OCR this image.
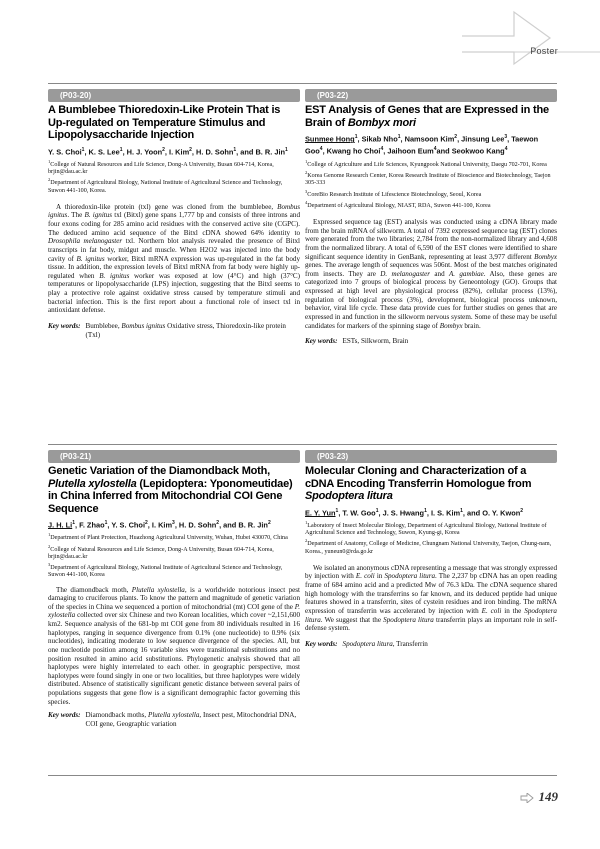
Poster
(P03-20)
A Bumblebee Thioredoxin-Like Protein That is Up-regulated on Temperature Stimulus and Lipopolysaccharide Injection
Y. S. Choi$^1$, K. S. Lee$^1$, H. J. Yoon$^2$, I. Kim$^2$, H. D. Sohn$^1$, and B. R. Jin$^1$

$^1$College of Natural Resources and Life Science, Dong-A University, Busan 604-714, Korea, brjin@dau.ac.kr

$^2$Department of Agricultural Biology, National Institute of Agricultural Science and Technology, Suwon 441-100, Korea.

A thioredoxin-like protein (txl) gene was cloned from the bumblebee, Bombus ignitus. The B. ignitus txl (Bitxl) gene spans 1,777 bp and consists of three introns and four exons coding for 285 amino acid residues with the conserved active site (CGPC). The deduced amino acid sequence of the Bitxl cDNA showed 64% identity to Drosophila melanogaster txl. Northern blot analysis revealed the presence of Bitxl transcripts in fat body, midgut and muscle. When H2O2 was injected into the body cavity of B. ignitus worker, Bitxl mRNA expression was up-regulated in the fat body tissue. In addition, the expression levels of Bitxl mRNA from fat body were highly up-regulated when B. ignitus worker was exposed at low (4°C) and high (37°C) temperatures or lipopolysaccharide (LPS) injection, suggesting that the Bitxl seems to play a protective role against oxidative stress caused by temperature stimuli and bacterial infection. This is the first report about a functional role of insect txl in antioxidant defense.

Key words: Bumblebee, Bombus ignitus Oxidative stress, Thioredoxin-like protein (Txl)
(P03-21)
Genetic Variation of the Diamondback Moth, Plutella xylostella (Lepidoptera: Yponomeutidae) in China Inferred from Mitochondrial COI Gene Sequence
J. H. Li$^1$, F. Zhao$^1$, Y. S. Choi$^2$, I. Kim$^3$, H. D. Sohn$^2$, and B. R. Jin$^2$

$^1$Department of Plant Protection, Huazhong Agricultural University, Wuhan, Hubei 430070, China

$^2$College of Natural Resources and Life Science, Dong-A University, Busan 604-714, Korea, brjin@dau.ac.kr

$^3$Department of Agricultural Biology, National Institute of Agricultural Science and Technology, Suwon 441-100, Korea

The diamondback moth, Plutella xylostella, is a worldwide notorious insect pest damaging to cruciferous plants. To know the pattern and magnitude of genetic variation of the species in China we sequenced a portion of mitochondrial (mt) COI gene of the P. xylostella collected over six Chinese and two Korean localities, which cover ~2,151,600 km2. Sequence analysis of the 681-bp mt COI gene from 80 individuals resulted in 16 haplotypes, ranging in sequence divergence from 0.1% (one nucleotide) to 0.9% (six nucleotides), indicating moderate to low sequence divergence of the species. All, but one nucleotide position among 16 variable sites were transitional substitutions and no position resulted in amino acid substitutions. Phylogenetic analysis showed that all haplotypes were highly interrelated to each other. in geographic perspective, most haplotypes were found singly in one or two localities, but three haplotypes were widely distributed. Absence of statistically significant genetic distance between several pairs of populations suggests that gene flow is a significant demographic factor governing this species.

Key words: Diamondback moths, Plutella xylostella, Insect pest, Mitochondrial DNA, COI gene, Geographic variation
(P03-22)
EST Analysis of Genes that are Expressed in the Brain of Bombyx mori
Sunmee Hong$^1$, Sikab Nho$^1$, Namsoon Kim$^2$, Jinsung Lee$^3$, Taewon Goo$^4$, Kwang ho Choi$^4$, Jaihoon Eum$^4$and Seokwoo Kang$^4$

$^1$College of Agriculture and Life Sciences, Kyungpook National University, Daegu 702-701, Korea

$^2$Korea Genome Research Center, Korea Research Institute of Bioscience and Biotechnology, Taejon 305-333

$^3$CoreBio Research Institute of Lifescience Biotechnology, Seoul, Korea

$^4$Department of Agricultural Biology, NIAST, RDA, Suwon 441-100, Korea

Expressed sequence tag (EST) analysis was conducted using a cDNA library made from the brain mRNA of silkworm. A total of 7392 expressed sequence tag (EST) clones were generated from the two libraries; 2,784 from the non-normalized library and 4,608 from the normalized library. A total of 6,590 of the EST clones were identified to share significant sequence identity in GenBank, representing at least 3,977 different Bombyx genes. The average length of sequences was 506nt. Most of the best matches originated from insects. They are D. melanogaster and A. gambiae. Also, these genes are categorized into 7 groups of biological process by Geneontology (GO). Groups that expressed at high level are physiological process (82%), cellular process (13%), regulation of biological process (3%), development, biological process unknown, behavior, viral life cycle. These data provide cues for further studies on genes that are expressed in and function in the silkworm nervous system. Some of these may be useful candidates for markers of the spinning stage of Bombyx brain.

Key words: ESTs, Silkworm, Brain
(P03-23)
Molecular Cloning and Characterization of a cDNA Encoding Transferrin Homologue from Spodoptera litura
E. Y. Yun$^1$, T. W. Goo$^1$, J. S. Hwang$^1$, I. S. Kim$^1$, and O. Y. Kwon$^2$

$^1$Laboratory of Insect Molecular Biology, Department of Agricultural Biology, National Institute of Agricultural Science and Technology, Suwon, Kyung-gi, Korea

$^2$Department of Anatomy, College of Medicine, Chungnam National University, Taejon, Chung-nam, Korea., yuneun0@rda.go.kr

We isolated an anonymous cDNA representing a message that was strongly expressed by injection with E. coli in Spodoptera litura. The 2,237 bp cDNA has an open reading frame of 684 amino acid and a predicted Mw of 76.3 kDa. The cDNA sequence shared high homology with the transferrins so far known, and its deduced peptide had unique features showed in a transferrin, sites of cystein residues and iron binding. The mRNA expression of transferrin was accelerated by injection with E. coli in the Spodoptera litura. We suggest that the Spodoptera litura transferrin plays an important role in self-defense system.

Key words: Spodoptera litura, Transferrin
149
